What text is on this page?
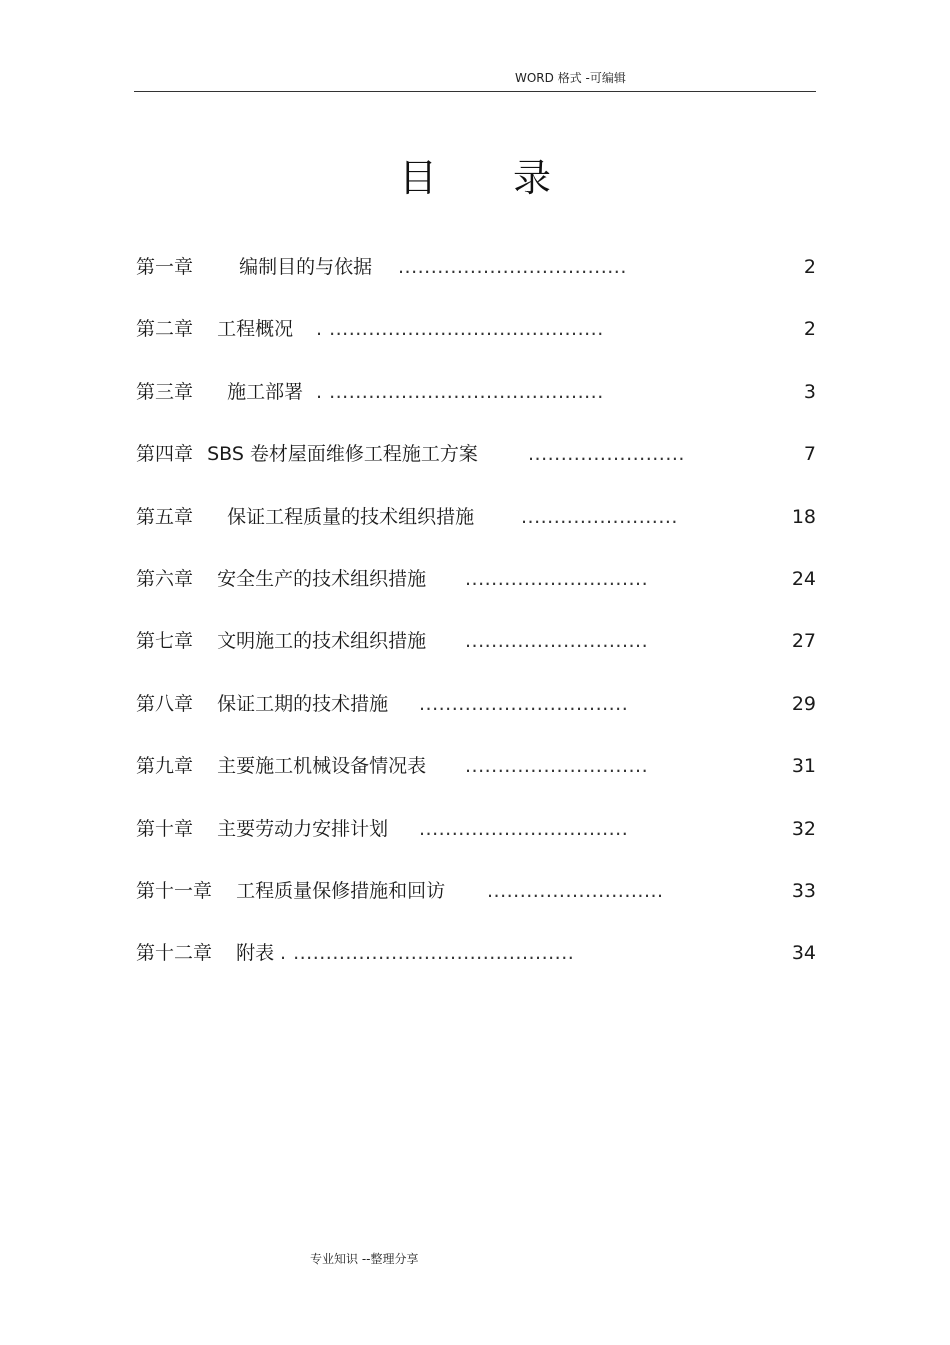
WORD 格式 -可编辑
目录
第一章 编制目的与依据 ...................................	2
第二章 工程概况 . ..........................................	2
第三章 施工部署 . ..........................................	3
第四章 SBS 卷材屋面维修工程施工方案	........................	7
第五章 保证工程质量的技术组织措施 ........................	18
第六章 安全生产的技术组织措施 ............................	24
第七章 文明施工的技术组织措施 ............................	27
第八章 保证工期的技术措施 ................................	29
第九章 主要施工机械设备情况表 ............................	31
第十章 主要劳动力安排计划 ................................	32
第十一章 工程质量保修措施和回访 ...........................	33
第十二章 附表 . ...........................................	34
专业知识 --整理分享
